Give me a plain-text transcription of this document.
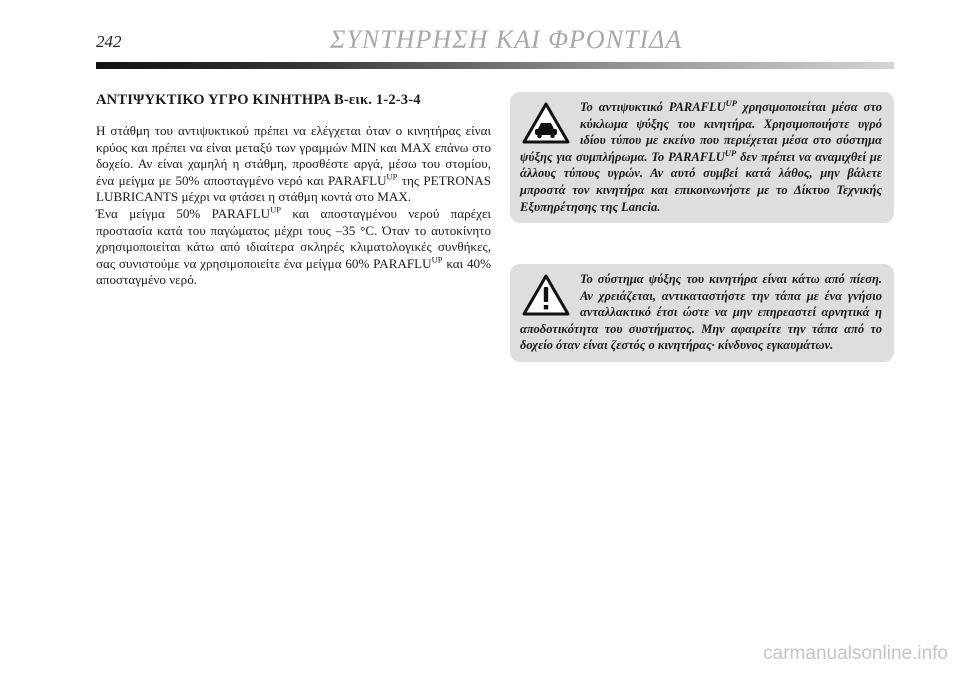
242	ΣΥΝΤΗΡΗΣΗ ΚΑΙ ΦΡΟΝΤΙΔΑ
ΑΝΤΙΨΥΚΤΙΚΟ ΥΓΡΟ ΚΙΝΗΤΗΡΑ B-εικ. 1-2-3-4

Η στάθμη του αντιψυκτικού πρέπει να ελέγχεται όταν ο κινητήρας είναι κρύος και πρέπει να είναι μεταξύ των γραμμών MIN και MAX επάνω στο δοχείο. Αν είναι χαμηλή η στάθμη, προσθέστε αργά, μέσω του στομίου, ένα μείγμα με 50% αποσταγμένο νερό και $PARAFLU^{UP}$ της PETRONAS LUBRICANTS μέχρι να φτάσει η στάθμη κοντά στο MAX.

Ένα μείγμα 50% $PARAFLU^{UP}$ και αποσταγμένου νερού παρέχει προστασία κατά του παγώματος μέχρι τους –35 °C. Όταν το αυτοκίνητο χρησιμοποιείται κάτω από ιδιαίτερα σκληρές κλιματολογικές συνθήκες, σας συνιστούμε να χρησιμοποιείτε ένα μείγμα 60% $PARAFLU^{UP}$ και 40% αποσταγμένο νερό.

Το αντιψυκτικό $PARAFLU^{UP}$ χρησιμοποιείται μέσα στο κύκλωμα ψύξης του κινητήρα. Χρησιμοποιήστε υγρό ιδίου τύπου με εκείνο που περιέχεται μέσα στο σύστημα ψύξης για συμπλήρωμα. Το $PARAFLU^{UP}$ δεν πρέπει να αναμιχθεί με άλλους τύπους υγρών. Αν αυτό συμβεί κατά λάθος, μην βάλετε μπροστά τον κινητήρα και επικοινωνήστε με το Δίκτυο Τεχνικής Εξυπηρέτησης της Lancia.
Το σύστημα ψύξης του κινητήρα είναι κάτω από πίεση. Αν χρειάζεται, αντικαταστήστε την τάπα με ένα γνήσιο ανταλλακτικό έτσι ώστε να μην επηρεαστεί αρνητικά η αποδοτικότητα του συστήματος. Μην αφαιρείτε την τάπα από το δοχείο όταν είναι ζεστός ο κινητήρας· κίνδυνος εγκαυμάτων.
carmanualsonline.info
